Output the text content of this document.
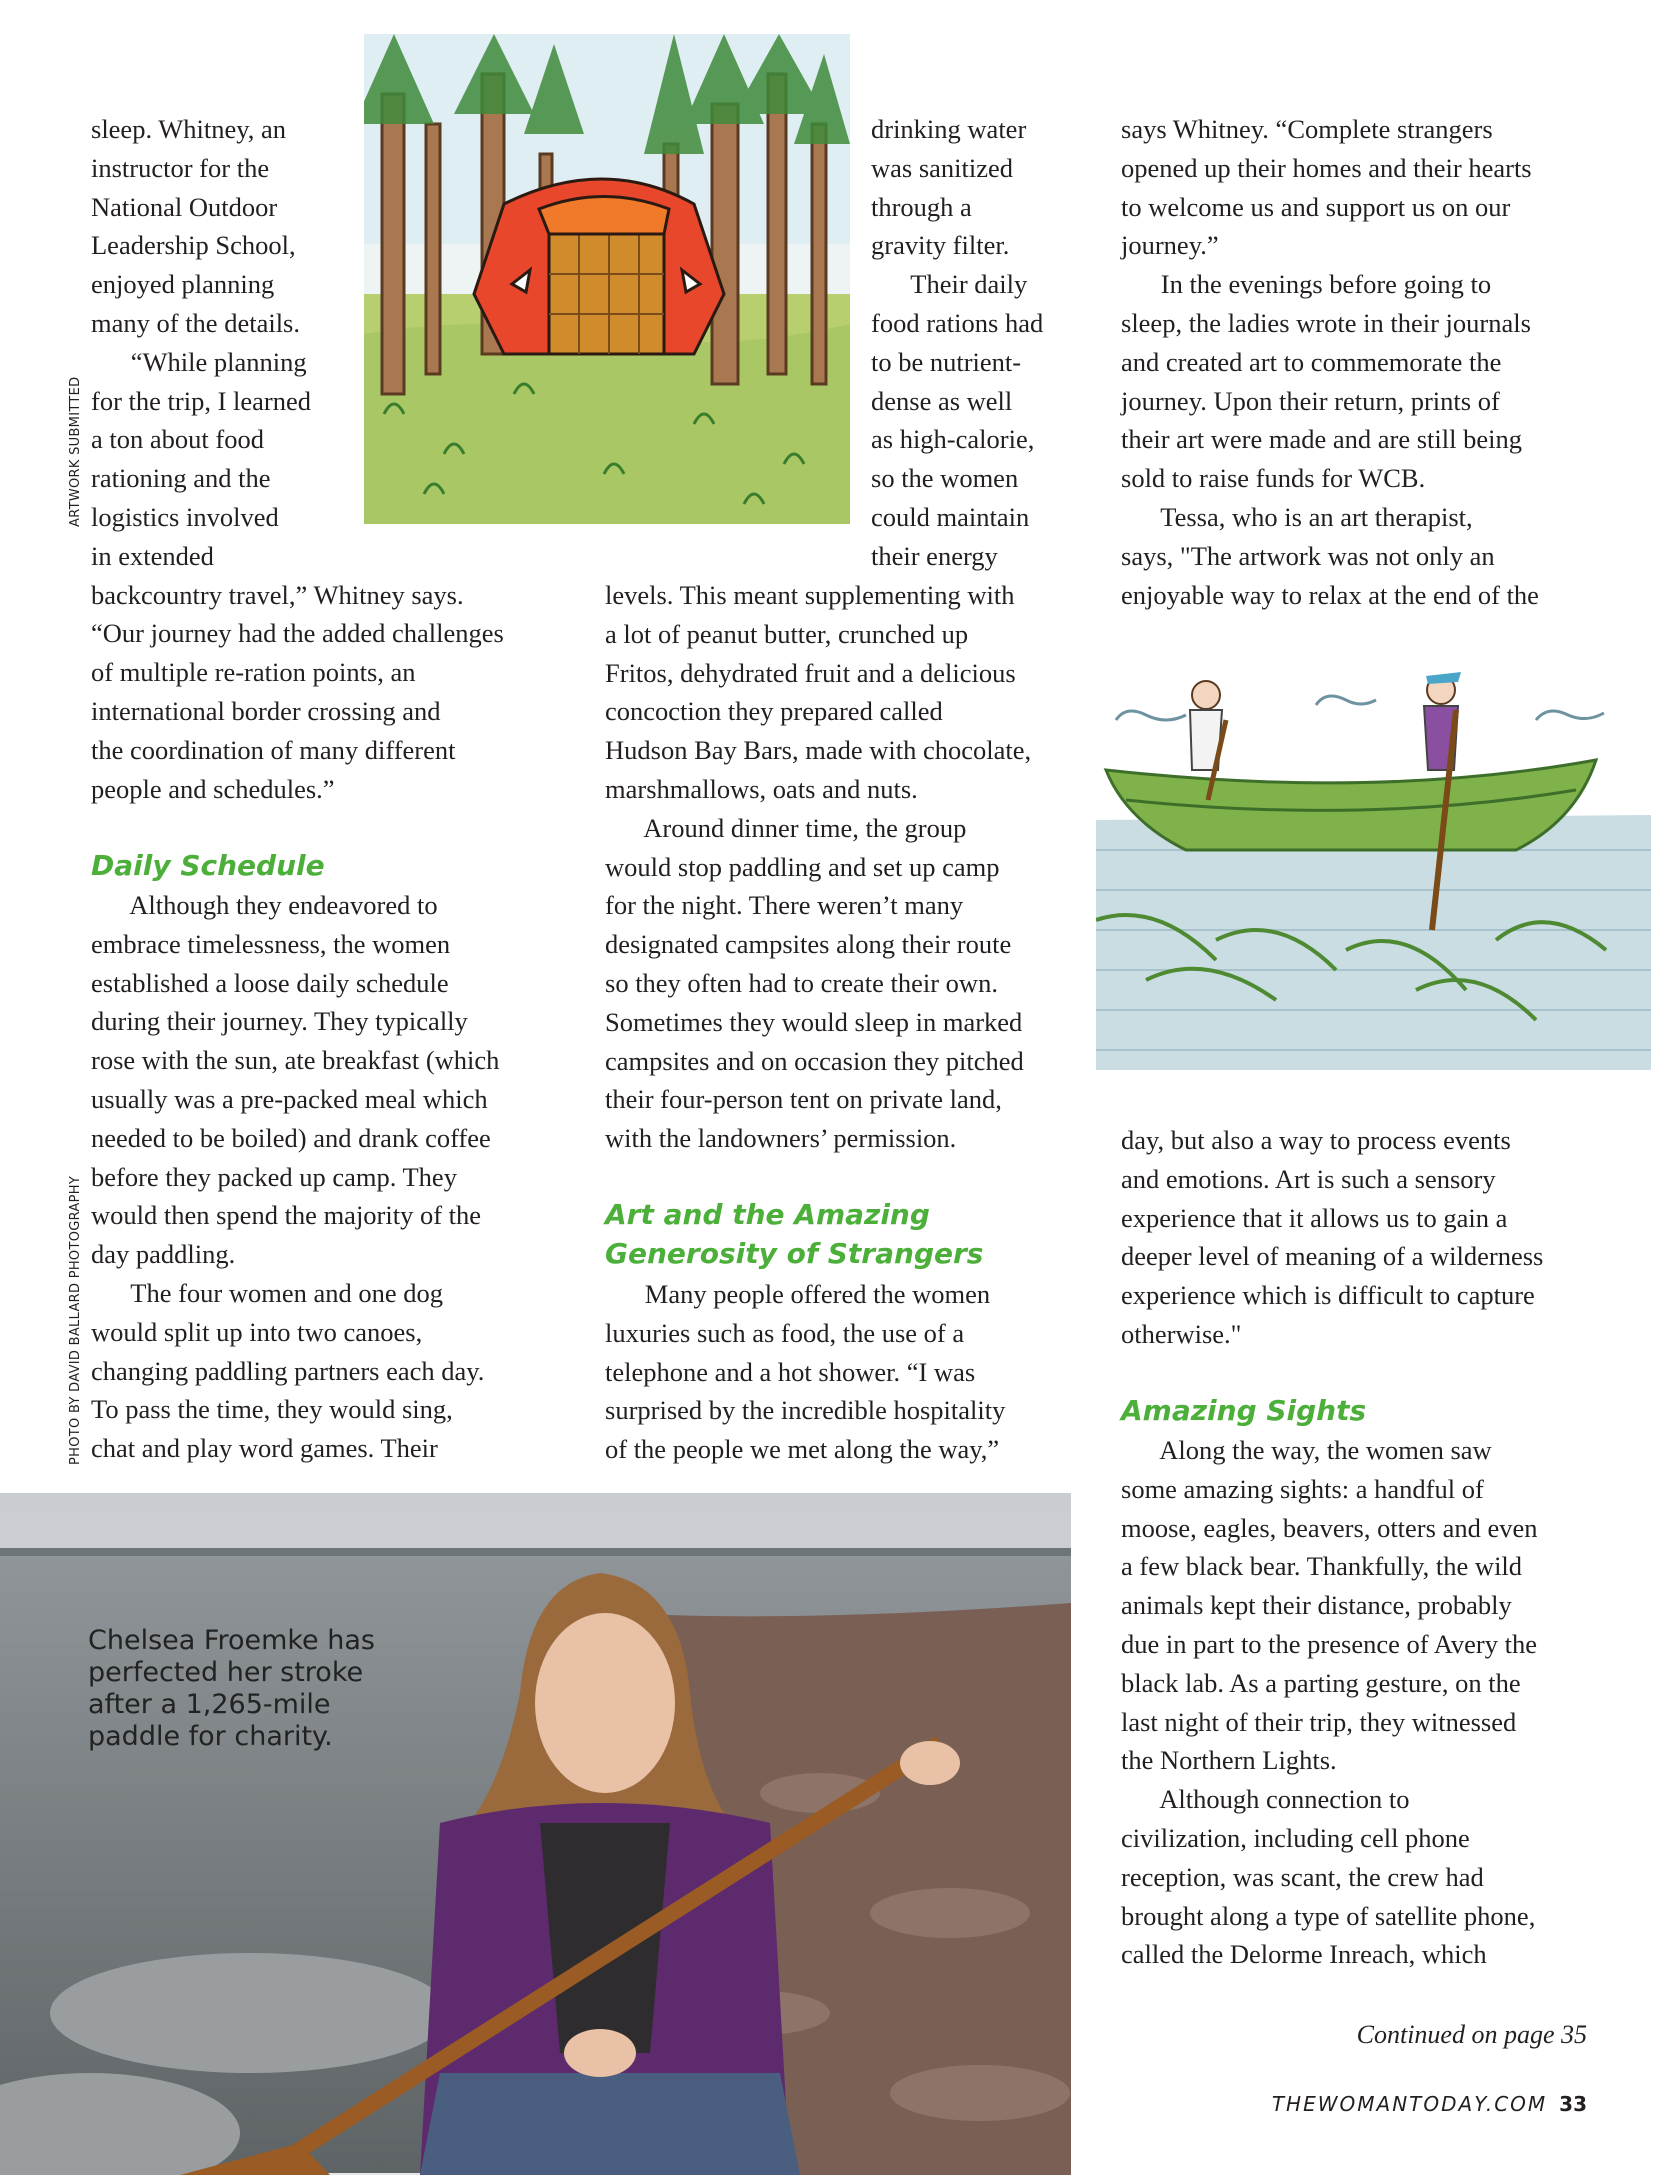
ARTWORK SUBMITTED
PHOTO BY DAVID BALLARD PHOTOGRAPHY

sleep. Whitney, an
instructor for the
National Outdoor
Leadership School,
enjoyed planning
many of the details.
“While planning
for the trip, I learned
a ton about food
rationing and the
logistics involved
in extended
backcountry travel,” Whitney says.
“Our journey had the added challenges
of multiple re-ration points, an
international border crossing and
the coordination of many different
people and schedules.”

Daily Schedule

Although they endeavored to
embrace timelessness, the women
established a loose daily schedule
during their journey. They typically
rose with the sun, ate breakfast (which
usually was a pre-packed meal which
needed to be boiled) and drank coffee
before they packed up camp. They
would then spend the majority of the
day paddling.
The four women and one dog
would split up into two canoes,
changing paddling partners each day.
To pass the time, they would sing,
chat and play word games. Their

drinking water
was sanitized
through a
gravity filter.
Their daily
food rations had
to be nutrient-
dense as well
as high-calorie,
so the women
could maintain
their energy

levels. This meant supplementing with
a lot of peanut butter, crunched up
Fritos, dehydrated fruit and a delicious
concoction they prepared called
Hudson Bay Bars, made with chocolate,
marshmallows, oats and nuts.
Around dinner time, the group
would stop paddling and set up camp
for the night. There weren’t many
designated campsites along their route
so they often had to create their own.
Sometimes they would sleep in marked
campsites and on occasion they pitched
their four-person tent on private land,
with the landowners’ permission.

Art and the Amazing
Generosity of Strangers

Many people offered the women
luxuries such as food, the use of a
telephone and a hot shower. “I was
surprised by the incredible hospitality
of the people we met along the way,”

says Whitney. “Complete strangers
opened up their homes and their hearts
to welcome us and support us on our
journey.”
In the evenings before going to
sleep, the ladies wrote in their journals
and created art to commemorate the
journey. Upon their return, prints of
their art were made and are still being
sold to raise funds for WCB.
Tessa, who is an art therapist,
says, "The artwork was not only an
enjoyable way to relax at the end of the

day, but also a way to process events
and emotions. Art is such a sensory
experience that it allows us to gain a
deeper level of meaning of a wilderness
experience which is difficult to capture
otherwise."

Amazing Sights

Along the way, the women saw
some amazing sights: a handful of
moose, eagles, beavers, otters and even
a few black bear. Thankfully, the wild
animals kept their distance, probably
due in part to the presence of Avery the
black lab. As a parting gesture, on the
last night of their trip, they witnessed
the Northern Lights.
Although connection to
civilization, including cell phone
reception, was scant, the crew had
brought along a type of satellite phone,
called the Delorme Inreach, which

Chelsea Froemke has
perfected her stroke
after a 1,265-mile
paddle for charity.
Continued on page 35
THEWOMANTODAY.COM 33
